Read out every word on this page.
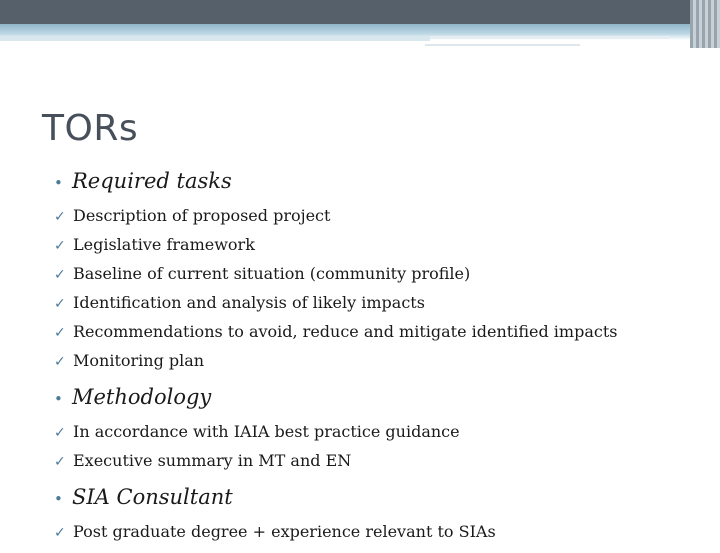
TORs
• Required tasks
✓ Description of proposed project
✓ Legislative framework
✓ Baseline of current situation (community profile)
✓ Identification and analysis of likely impacts
✓ Recommendations to avoid, reduce and mitigate identified impacts
✓ Monitoring plan
• Methodology
✓ In accordance with IAIA best practice guidance
✓ Executive summary in MT and EN
• SIA Consultant
✓ Post graduate degree + experience relevant to SIAs
